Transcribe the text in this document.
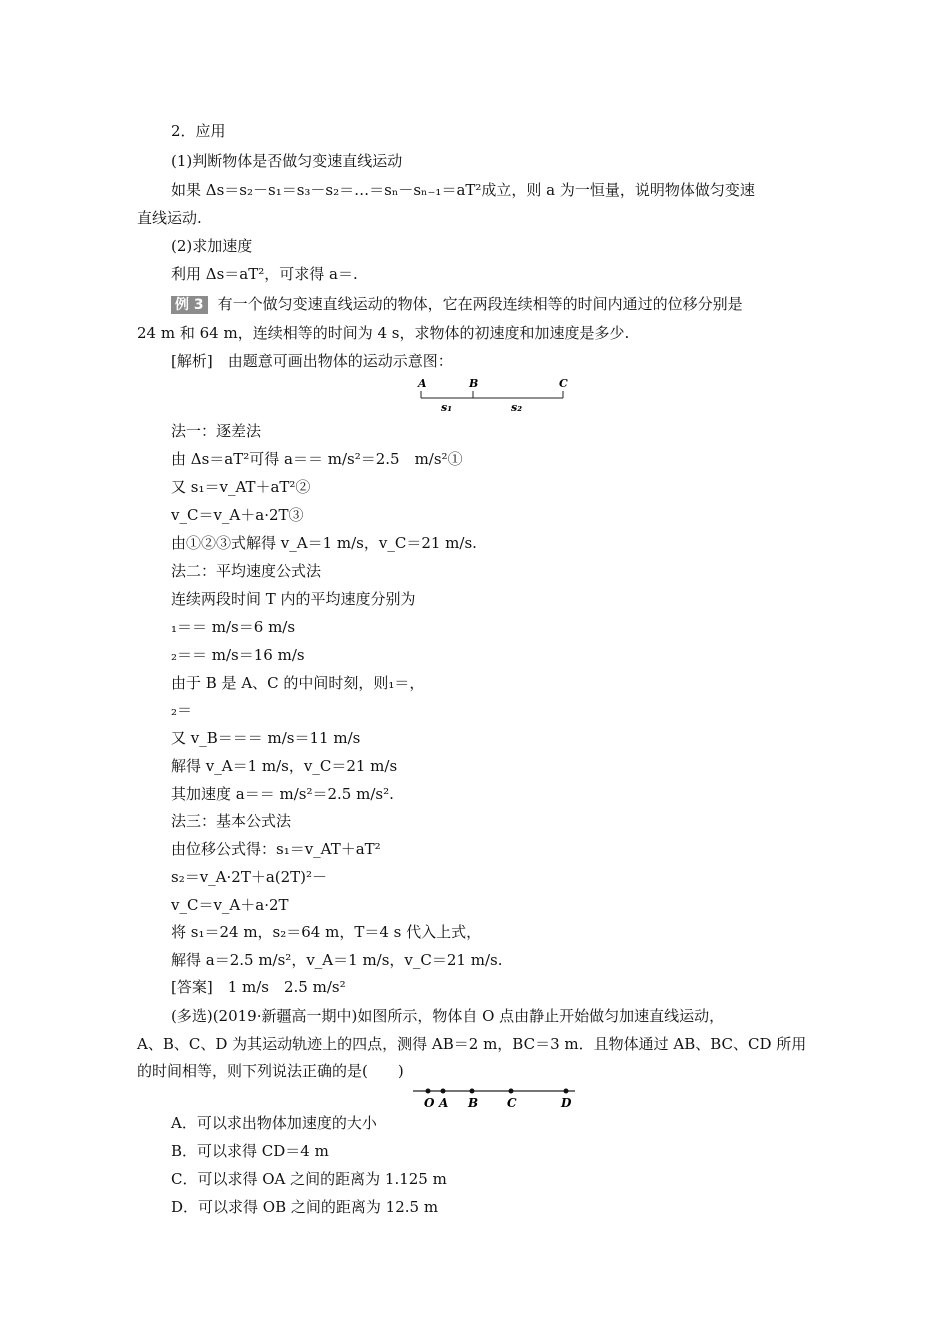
2．应用
(1)判断物体是否做匀变速直线运动
如果 Δs＝s₂－s₁＝s₃－s₂＝…＝sₙ－sₙ₋₁＝aT²成立，则 a 为一恒量，说明物体做匀变速
直线运动.
(2)求加速度
利用 Δs＝aT²，可求得 a＝.
例 3 有一个做匀变速直线运动的物体，它在两段连续相等的时间内通过的位移分别是
24 m 和 64 m，连续相等的时间为 4 s，求物体的初速度和加速度是多少.
[解析]　由题意可画出物体的运动示意图：
A	B	C
s₁	s₂
法一：逐差法
由 Δs＝aT²可得 a＝＝ m/s²＝2.5　m/s²①
又 s₁＝v_AT＋aT²②
v_C＝v_A＋a·2T③
由①②③式解得 v_A＝1 m/s，v_C＝21 m/s.
法二：平均速度公式法
连续两段时间 T 内的平均速度分别为
₁＝＝ m/s＝6 m/s
₂＝＝ m/s＝16 m/s
由于 B 是 A、C 的中间时刻，则₁＝，
₂＝
又 v_B＝＝＝ m/s＝11 m/s
解得 v_A＝1 m/s，v_C＝21 m/s
其加速度 a＝＝ m/s²＝2.5 m/s².
法三：基本公式法
由位移公式得：s₁＝v_AT＋aT²
s₂＝v_A·2T＋a(2T)²－
v_C＝v_A＋a·2T
将 s₁＝24 m，s₂＝64 m，T＝4 s 代入上式，
解得 a＝2.5 m/s²，v_A＝1 m/s，v_C＝21 m/s.
[答案]　1 m/s　2.5 m/s²
(多选)(2019·新疆高一期中)如图所示，物体自 O 点由静止开始做匀加速直线运动，
A、B、C、D 为其运动轨迹上的四点，测得 AB＝2 m，BC＝3 m．且物体通过 AB、BC、CD 所用
的时间相等，则下列说法正确的是(　　)
O A B C	D
A．可以求出物体加速度的大小
B．可以求得 CD＝4 m
C．可以求得 OA 之间的距离为 1.125 m
D．可以求得 OB 之间的距离为 12.5 m
